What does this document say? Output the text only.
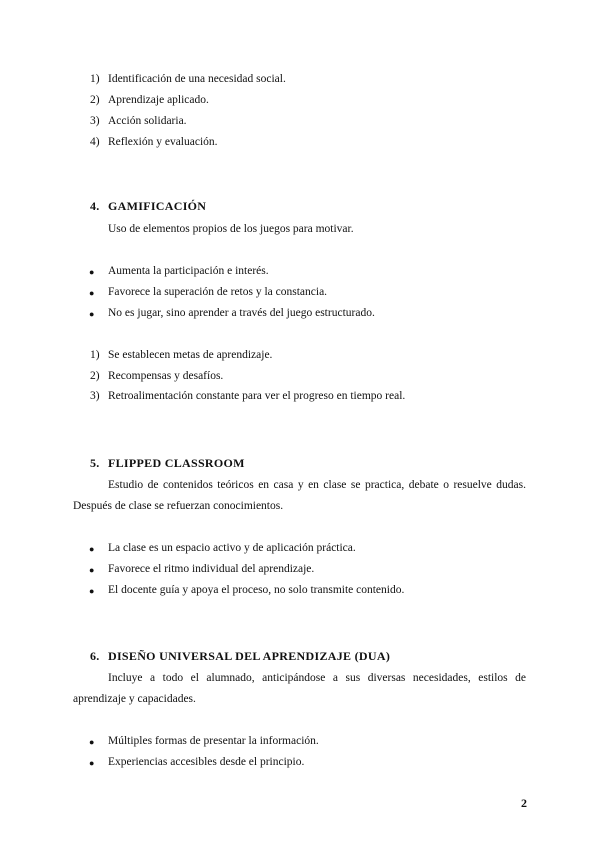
1) Identificación de una necesidad social.
2) Aprendizaje aplicado.
3) Acción solidaria.
4) Reflexión y evaluación.
4. GAMIFICACIÓN
Uso de elementos propios de los juegos para motivar.
● Aumenta la participación e interés.
● Favorece la superación de retos y la constancia.
● No es jugar, sino aprender a través del juego estructurado.
1) Se establecen metas de aprendizaje.
2) Recompensas y desafíos.
3) Retroalimentación constante para ver el progreso en tiempo real.
5. FLIPPED CLASSROOM
Estudio de contenidos teóricos en casa y en clase se practica, debate o resuelve dudas.
Después de clase se refuerzan conocimientos.
● La clase es un espacio activo y de aplicación práctica.
● Favorece el ritmo individual del aprendizaje.
● El docente guía y apoya el proceso, no solo transmite contenido.
6. DISEÑO UNIVERSAL DEL APRENDIZAJE (DUA)
Incluye a todo el alumnado, anticipándose a sus diversas necesidades, estilos de
aprendizaje y capacidades.
● Múltiples formas de presentar la información.
● Experiencias accesibles desde el principio.
2
